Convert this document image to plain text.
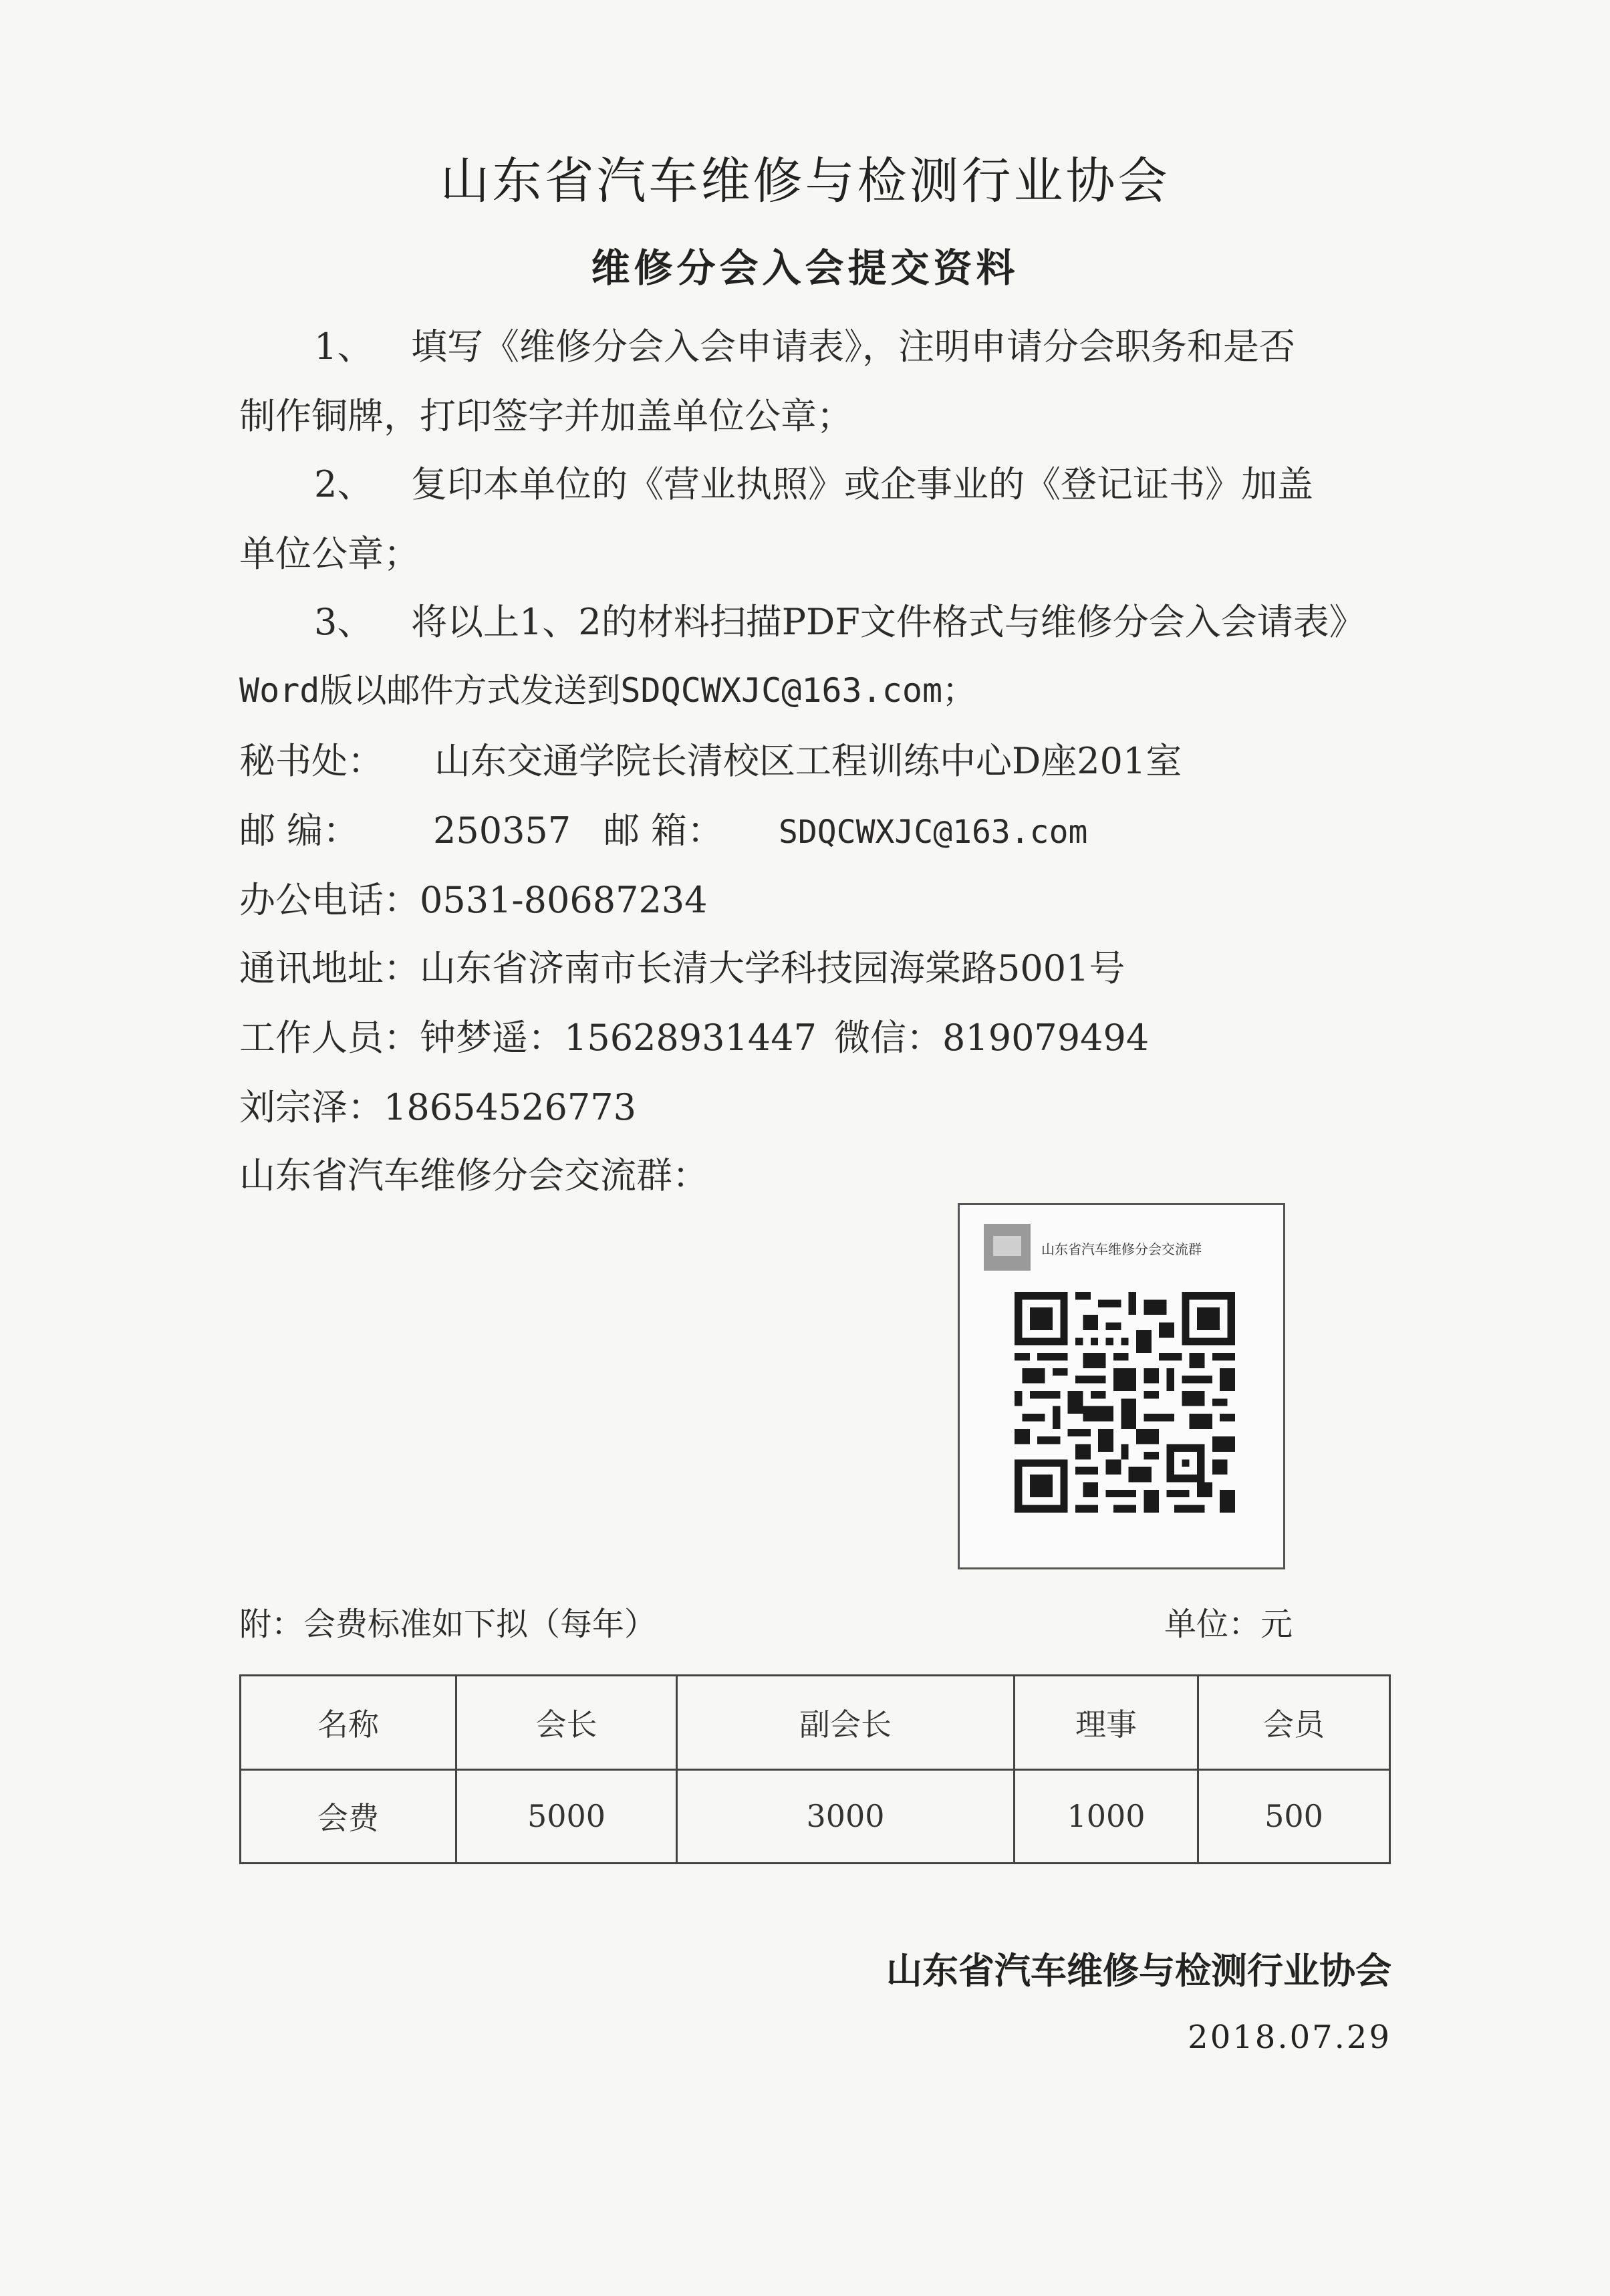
山东省汽车维修与检测行业协会
维修分会入会提交资料
1、 填写《维修分会入会申请表》，注明申请分会职务和是否
制作铜牌，打印签字并加盖单位公章；
2、 复印本单位的《营业执照》或企事业的《登记证书》加盖
单位公章；
3、 将以上1、2的材料扫描PDF文件格式与维修分会入会请表》
Word版以邮件方式发送到SDQCWXJC@163.com；
秘书处： 山东交通学院长清校区工程训练中心D座201室
邮 编： 250357 邮 箱： SDQCWXJC@163.com
办公电话：0531-80687234
通讯地址：山东省济南市长清大学科技园海棠路5001号
工作人员：钟梦遥：15628931447 微信：819079494
刘宗泽：18654526773
山东省汽车维修分会交流群：
山东省汽车维修分会交流群
附：会费标准如下拟（每年）	单位：元
名称	会长	副会长	理事	会员
会费	5000	3000	1000	500
山东省汽车维修与检测行业协会
2018.07.29
